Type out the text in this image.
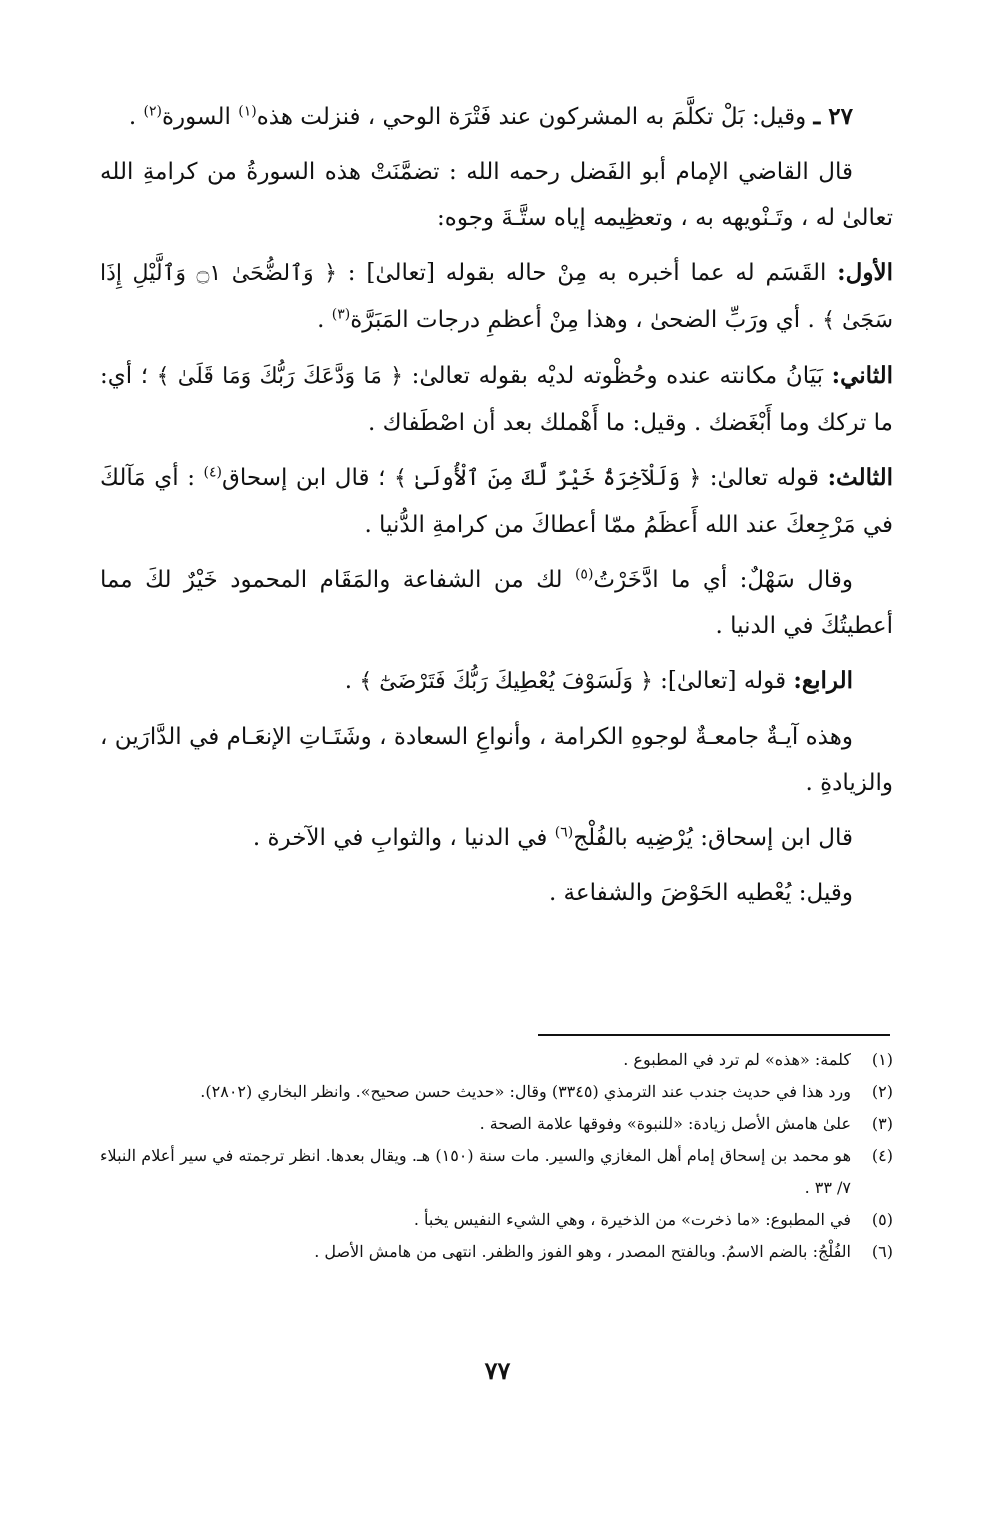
٢٧ ـ وقيل: بَلْ تكلَّمَ به المشركون عند فَتْرَة الوحي ، فنزلت هذه$^{(١)}$ السورة$^{(٢)}$ .

قال القاضي الإمام أبو الفَضل رحمه الله : تضمَّنَتْ هذه السورةُ من كرامةِ الله تعالىٰ له ، وتَـنْويهه به ، وتعظِيمه إياه ستَّـةَ وجوه:

الأول: القَسَم له عما أخبره به مِنْ حاله بقوله [تعالىٰ] : ﴿ وَٱلضُّحَىٰ ۝١ وَٱلَّيْلِ إِذَا سَجَىٰ ﴾ . أي ورَبِّ الضحىٰ ، وهذا مِنْ أعظمِ درجات المَبَرَّة$^{(٣)}$ .

الثاني: بَيَانُ مكانته عنده وحُظْوته لديْه بقوله تعالىٰ: ﴿ مَا وَدَّعَكَ رَبُّكَ وَمَا قَلَىٰ ﴾ ؛ أي: ما تركك وما أَبْغَضك . وقيل: ما أَهْملك بعد أن اصْطَفاك .

الثالث: قوله تعالىٰ: ﴿ وَلَلْآخِرَةُ خَيْرٌ لَّكَ مِنَ ٱلْأُولَىٰ ﴾ ؛ قال ابن إسحاق$^{(٤)}$ : أي مَآلكَ في مَرْجِعكَ عند الله أَعظَمُ ممّا أعطاكَ من كرامةِ الدُّنيا .

وقال سَهْلٌ: أي ما ادَّخَرْتُ$^{(٥)}$ لك من الشفاعة والمَقَام المحمود خَيْرٌ لكَ مما أعطيتُكَ في الدنيا .

الرابع: قوله [تعالىٰ]: ﴿ وَلَسَوْفَ يُعْطِيكَ رَبُّكَ فَتَرْضَىٰٓ ﴾ .

وهذه آيـةٌ جامعـةٌ لوجوهِ الكرامة ، وأنواعِ السعادة ، وشَتَـاتِ الإنعَـام في الدَّارَين ، والزيادةِ .

قال ابن إسحاق: يُرْضِيه بالفُلْج$^{(٦)}$ في الدنيا ، والثوابِ في الآخرة .

وقيل: يُعْطيه الحَوْضَ والشفاعة .

(١)
كلمة: «هذه» لم ترد في المطبوع .
(٢)
ورد هذا في حديث جندب عند الترمذي (٣٣٤٥) وقال: «حديث حسن صحيح». وانظر البخاري (٢٨٠٢).
(٣)
علىٰ هامش الأصل زيادة: «للنبوة» وفوقها علامة الصحة .
(٤)
هو محمد بن إسحاق إمام أهل المغازي والسير. مات سنة (١٥٠) هـ. ويقال بعدها. انظر ترجمته في سير أعلام النبلاء ٧/ ٣٣ .
(٥)
في المطبوع: «ما ذخرت» من الذخيرة ، وهي الشيء النفيس يخبأ .
(٦)
الفُلْجُ: بالضم الاسمُ. وبالفتح المصدر ، وهو الفوز والظفر. انتهى من هامش الأصل .
٧٧
